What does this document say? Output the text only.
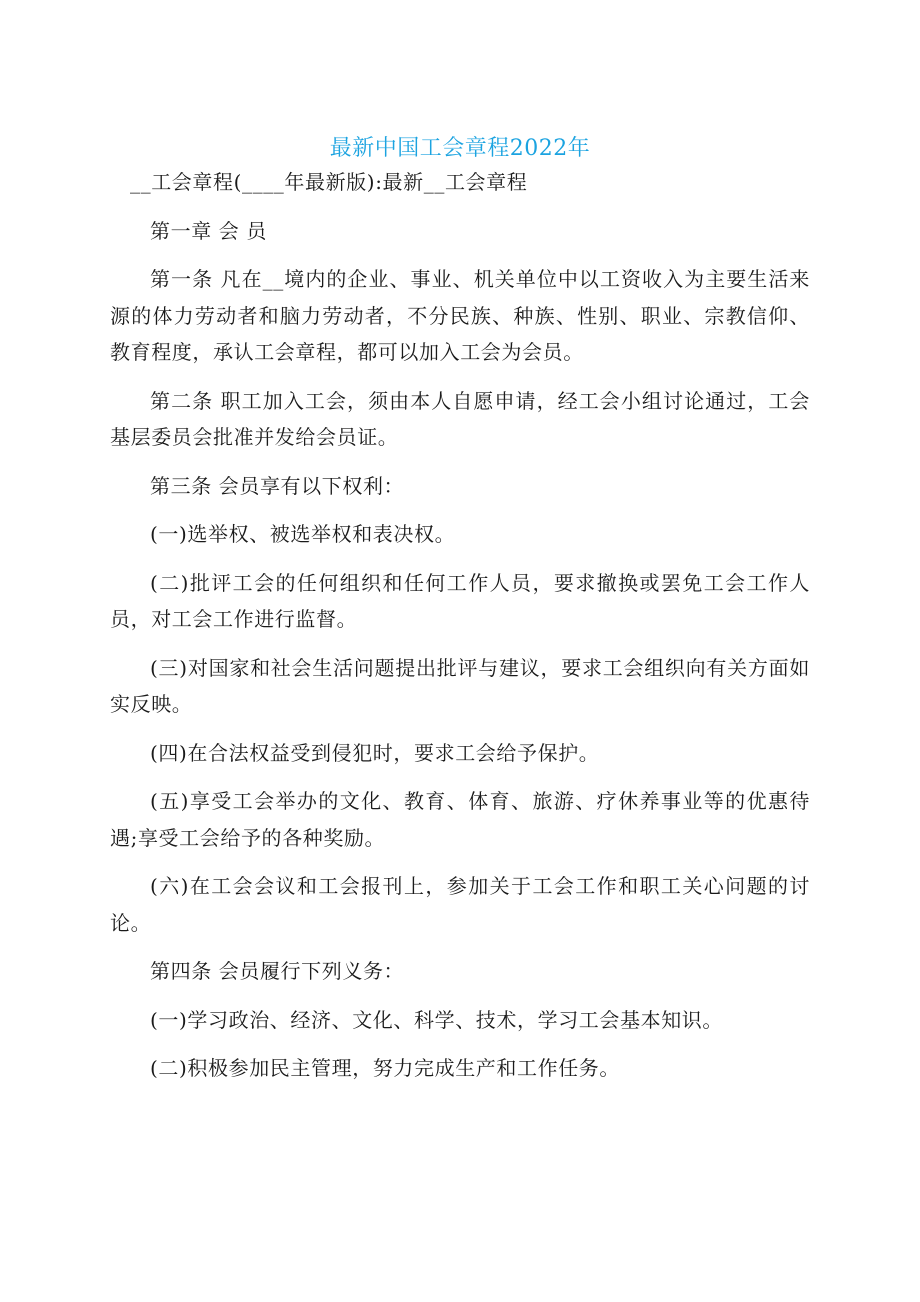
最新中国工会章程2022年

__工会章程(____年最新版):最新__工会章程

第一章 会 员

第一条 凡在__境内的企业、事业、机关单位中以工资收入为主要生活来源的体力劳动者和脑力劳动者，不分民族、种族、性别、职业、宗教信仰、教育程度，承认工会章程，都可以加入工会为会员。

第二条 职工加入工会，须由本人自愿申请，经工会小组讨论通过，工会基层委员会批准并发给会员证。

第三条 会员享有以下权利：

(一)选举权、被选举权和表决权。

(二)批评工会的任何组织和任何工作人员，要求撤换或罢免工会工作人员，对工会工作进行监督。

(三)对国家和社会生活问题提出批评与建议，要求工会组织向有关方面如实反映。

(四)在合法权益受到侵犯时，要求工会给予保护。

(五)享受工会举办的文化、教育、体育、旅游、疗休养事业等的优惠待遇;享受工会给予的各种奖励。

(六)在工会会议和工会报刊上，参加关于工会工作和职工关心问题的讨论。

第四条 会员履行下列义务：

(一)学习政治、经济、文化、科学、技术，学习工会基本知识。

(二)积极参加民主管理，努力完成生产和工作任务。
